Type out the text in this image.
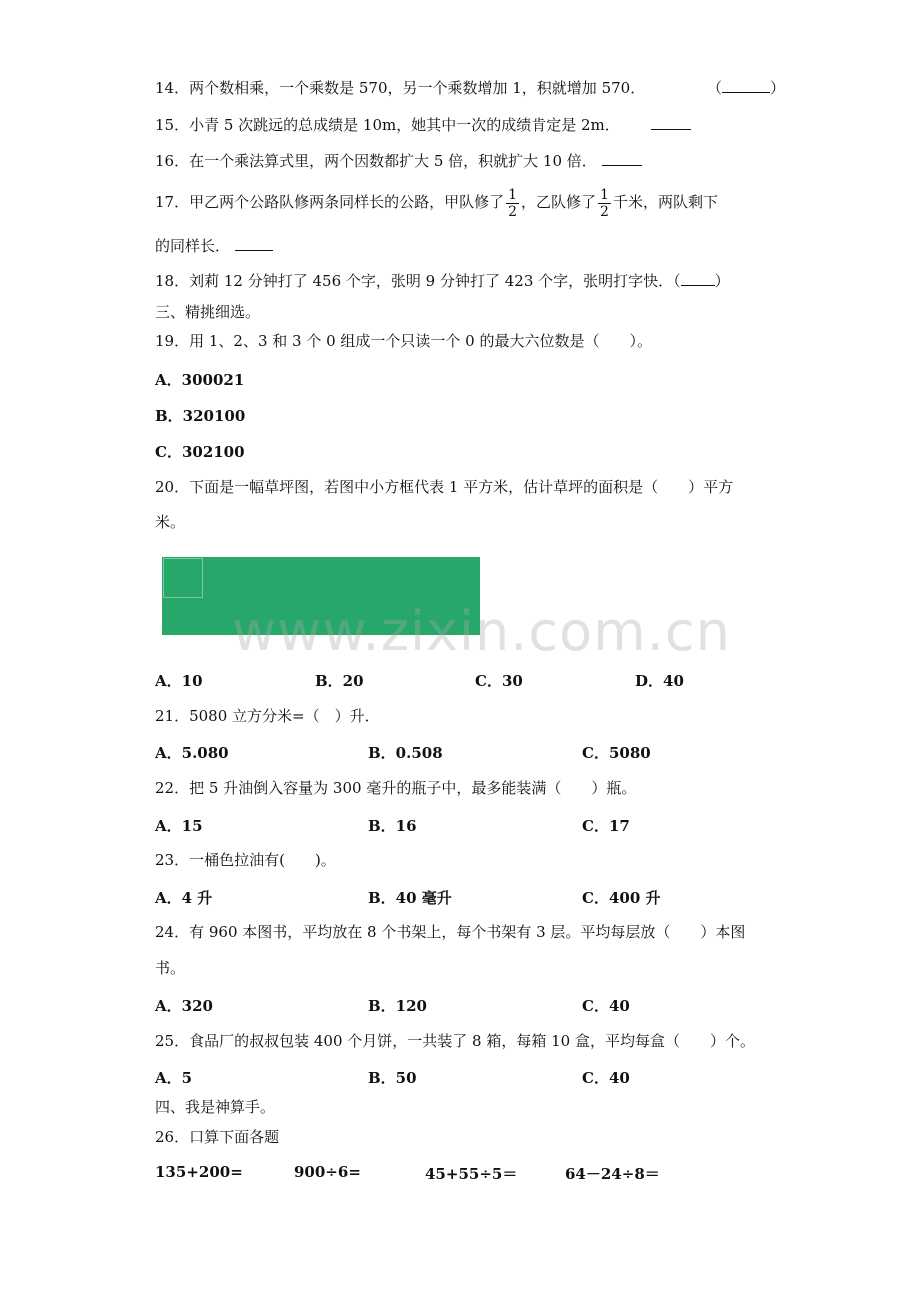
14．两个数相乘，一个乘数是 570，另一个乘数增加 1，积就增加 570．	（	）
15．小青 5 次跳远的总成绩是 10m，她其中一次的成绩肯定是 2m．
16．在一个乘法算式里，两个因数都扩大 5 倍，积就扩大 10 倍．
17．甲乙两个公路队修两条同样长的公路，甲队修了 $\frac{1}{2}$ ，乙队修了 $\frac{1}{2}$ 千米，两队剩下
的同样长．
18．刘莉 12 分钟打了 456 个字，张明 9 分钟打了 423 个字，张明打字快．（ ）
三、精挑细选。
19．用 1、2、3 和 3 个 0 组成一个只读一个 0 的最大六位数是（　　）。
A．300021
B．320100
C．302100
20．下面是一幅草坪图，若图中小方框代表 1 平方米，估计草坪的面积是（　　）平方
米。
www.zixin.com.cn
A．10	B．20	C．30	D．40
21．5080 立方分米=（　）升．
A．5.080	B．0.508	C．5080
22．把 5 升油倒入容量为 300 毫升的瓶子中，最多能装满（　　）瓶。
A．15	B．16	C．17
23．一桶色拉油有(　　)。
A．4 升	B．40 毫升	C．400 升
24．有 960 本图书，平均放在 8 个书架上，每个书架有 3 层。平均每层放（　　）本图
书。
A．320	B．120	C．40
25．食品厂的叔叔包装 400 个月饼，一共装了 8 箱，每箱 10 盒，平均每盒（　　）个。
A．5	B．50	C．40
四、我是神算手。
26．口算下面各题
135+200=	900÷6=	45+55÷5＝	64－24÷8＝
